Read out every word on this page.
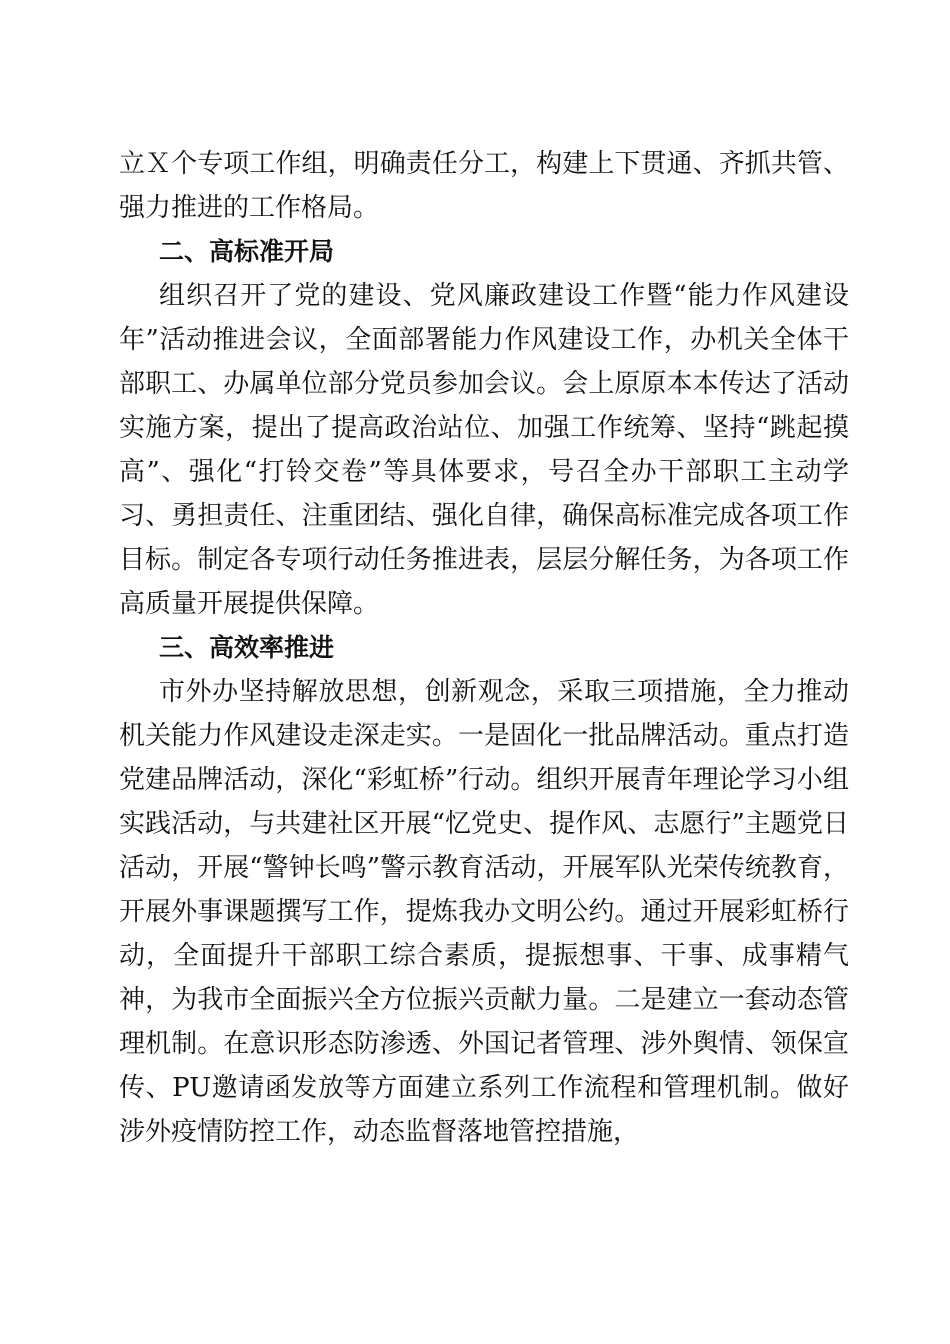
立Ｘ个专项工作组，明确责任分工，构建上下贯通、齐抓共管、强力推进的工作格局。

二、高标准开局

组织召开了党的建设、党风廉政建设工作暨“能力作风建设年”活动推进会议，全面部署能力作风建设工作，办机关全体干部职工、办属单位部分党员参加会议。会上原原本本传达了活动实施方案，提出了提高政治站位、加强工作统筹、坚持“跳起摸高”、强化“打铃交卷”等具体要求，号召全办干部职工主动学习、勇担责任、注重团结、强化自律，确保高标准完成各项工作目标。制定各专项行动任务推进表，层层分解任务，为各项工作高质量开展提供保障。

三、高效率推进

市外办坚持解放思想，创新观念，采取三项措施，全力推动机关能力作风建设走深走实。一是固化一批品牌活动。重点打造党建品牌活动，深化“彩虹桥”行动。组织开展青年理论学习小组实践活动，与共建社区开展“忆党史、提作风、志愿行”主题党日活动，开展“警钟长鸣”警示教育活动，开展军队光荣传统教育，开展外事课题撰写工作，提炼我办文明公约。通过开展彩虹桥行动，全面提升干部职工综合素质，提振想事、干事、成事精气神，为我市全面振兴全方位振兴贡献力量。二是建立一套动态管理机制。在意识形态防渗透、外国记者管理、涉外舆情、领保宣传、PU邀请函发放等方面建立系列工作流程和管理机制。做好涉外疫情防控工作，动态监督落地管控措施，
